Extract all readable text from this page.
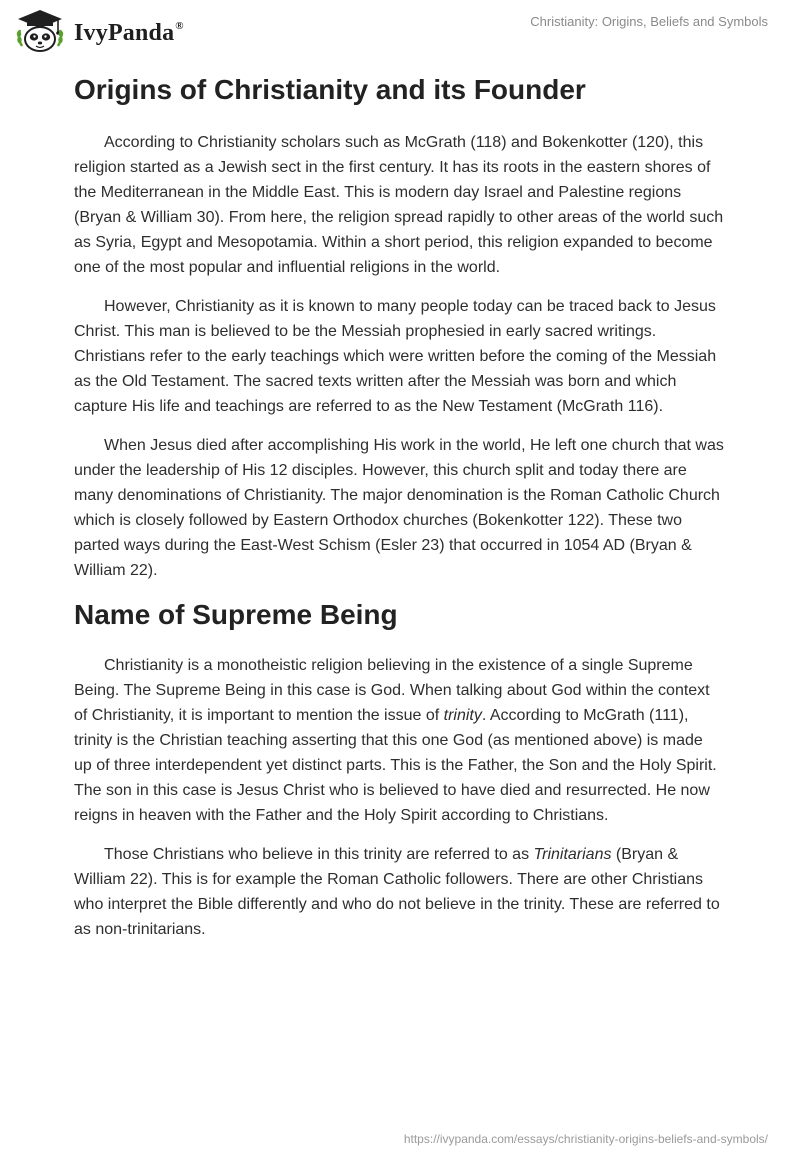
IvyPanda®	Christianity: Origins, Beliefs and Symbols
Origins of Christianity and its Founder

According to Christianity scholars such as McGrath (118) and Bokenkotter (120), this religion started as a Jewish sect in the first century. It has its roots in the eastern shores of the Mediterranean in the Middle East. This is modern day Israel and Palestine regions (Bryan & William 30). From here, the religion spread rapidly to other areas of the world such as Syria, Egypt and Mesopotamia. Within a short period, this religion expanded to become one of the most popular and influential religions in the world.

However, Christianity as it is known to many people today can be traced back to Jesus Christ. This man is believed to be the Messiah prophesied in early sacred writings. Christians refer to the early teachings which were written before the coming of the Messiah as the Old Testament. The sacred texts written after the Messiah was born and which capture His life and teachings are referred to as the New Testament (McGrath 116).

When Jesus died after accomplishing His work in the world, He left one church that was under the leadership of His 12 disciples. However, this church split and today there are many denominations of Christianity. The major denomination is the Roman Catholic Church which is closely followed by Eastern Orthodox churches (Bokenkotter 122). These two parted ways during the East-West Schism (Esler 23) that occurred in 1054 AD (Bryan & William 22).

Name of Supreme Being

Christianity is a monotheistic religion believing in the existence of a single Supreme Being. The Supreme Being in this case is God. When talking about God within the context of Christianity, it is important to mention the issue of trinity. According to McGrath (111), trinity is the Christian teaching asserting that this one God (as mentioned above) is made up of three interdependent yet distinct parts. This is the Father, the Son and the Holy Spirit. The son in this case is Jesus Christ who is believed to have died and resurrected. He now reigns in heaven with the Father and the Holy Spirit according to Christians.

Those Christians who believe in this trinity are referred to as Trinitarians (Bryan & William 22). This is for example the Roman Catholic followers. There are other Christians who interpret the Bible differently and who do not believe in the trinity. These are referred to as non-trinitarians.

https://ivypanda.com/essays/christianity-origins-beliefs-and-symbols/
